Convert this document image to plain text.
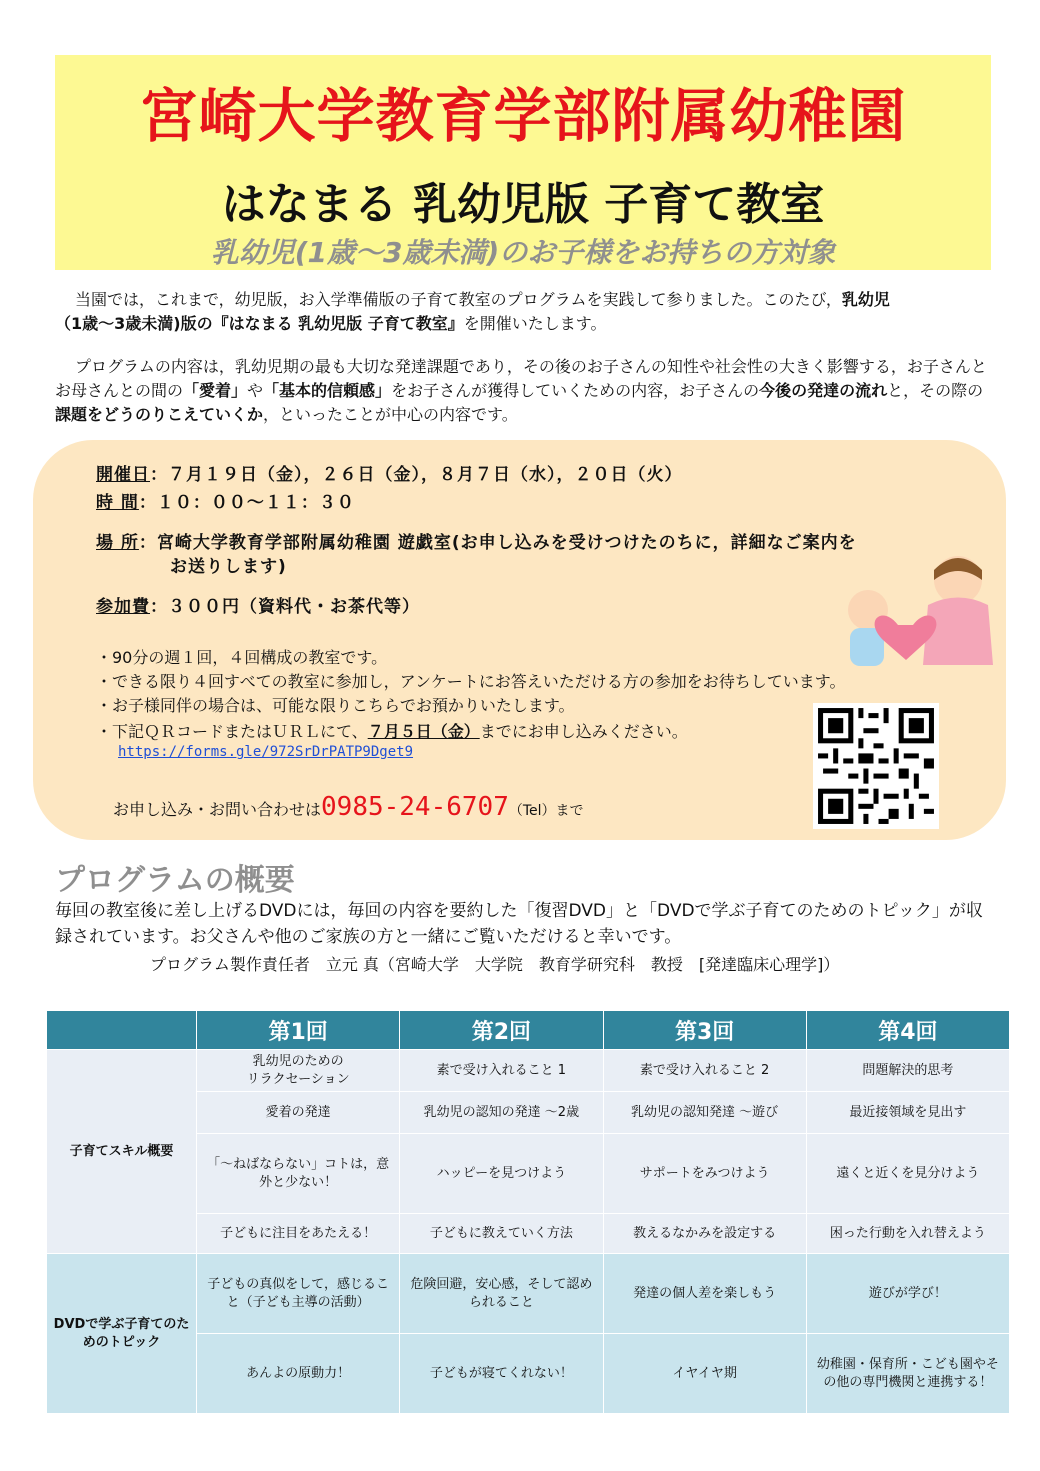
宮崎大学教育学部附属幼稚園
はなまる 乳幼児版 子育て教室
乳幼児(1歳～3歳未満)のお子様をお持ちの方対象
当園では，これまで，幼児版，お入学準備版の子育て教室のプログラムを実践して参りました。このたび，乳幼児
（1歳～3歳未満)版の『はなまる 乳幼児版 子育て教室』を開催いたします。
プログラムの内容は，乳幼児期の最も大切な発達課題であり，その後のお子さんの知性や社会性の大きく影響する，お子さんとお母さんとの間の「愛着」や「基本的信頼感」をお子さんが獲得していくための内容，お子さんの今後の発達の流れと，その際の課題をどうのりこえていくか，といったことが中心の内容です。
開催日：７月１９日（金），２６日（金），８月７日（水），２０日（火）
時 間：１０：００～１１：３０
場 所：宮崎大学教育学部附属幼稚園 遊戯室(お申し込みを受けつけたのちに，詳細なご案内を
お送りします)
参加費：３００円（資料代・お茶代等）
・90分の週１回，４回構成の教室です。
・できる限り４回すべての教室に参加し，アンケートにお答えいただける方の参加をお待ちしています。
・お子様同伴の場合は、可能な限りこちらでお預かりいたします。
・下記ＱＲコードまたはＵＲＬにて、７月５日（金）までにお申し込みください。
https://forms.gle/972SrDrPATP9Dget9
お申し込み・お問い合わせは0985-24-6707（Tel）まで
プログラムの概要
毎回の教室後に差し上げるDVDには，毎回の内容を要約した「復習DVD」と「DVDで学ぶ子育てのためのトピック」が収録されています。お父さんや他のご家族の方と一緒にご覧いただけると幸いです。
プログラム製作責任者　立元 真（宮崎大学　大学院　教育学研究科　教授　[発達臨床心理学]）
	第1回	第2回	第3回	第4回
子育てスキル概要	乳幼児のための
リラクセーション	素で受け入れること 1	素で受け入れること 2	問題解決的思考
	愛着の発達	乳幼児の認知の発達 ～2歳	乳幼児の認知発達 ～遊び	最近接領域を見出す
	「～ねばならない」コトは，意外と少ない！	ハッピーを見つけよう	サポートをみつけよう	遠くと近くを見分けよう
	子どもに注目をあたえる！	子どもに教えていく方法	教えるなかみを設定する	困った行動を入れ替えよう
DVDで学ぶ子育てのためのトピック	子どもの真似をして，感じること（子ども主導の活動）	危険回避，安心感，そして認められること	発達の個人差を楽しもう	遊びが学び！
	あんよの原動力！	子どもが寝てくれない！	イヤイヤ期	幼稚園・保育所・こども園やその他の専門機関と連携する！
